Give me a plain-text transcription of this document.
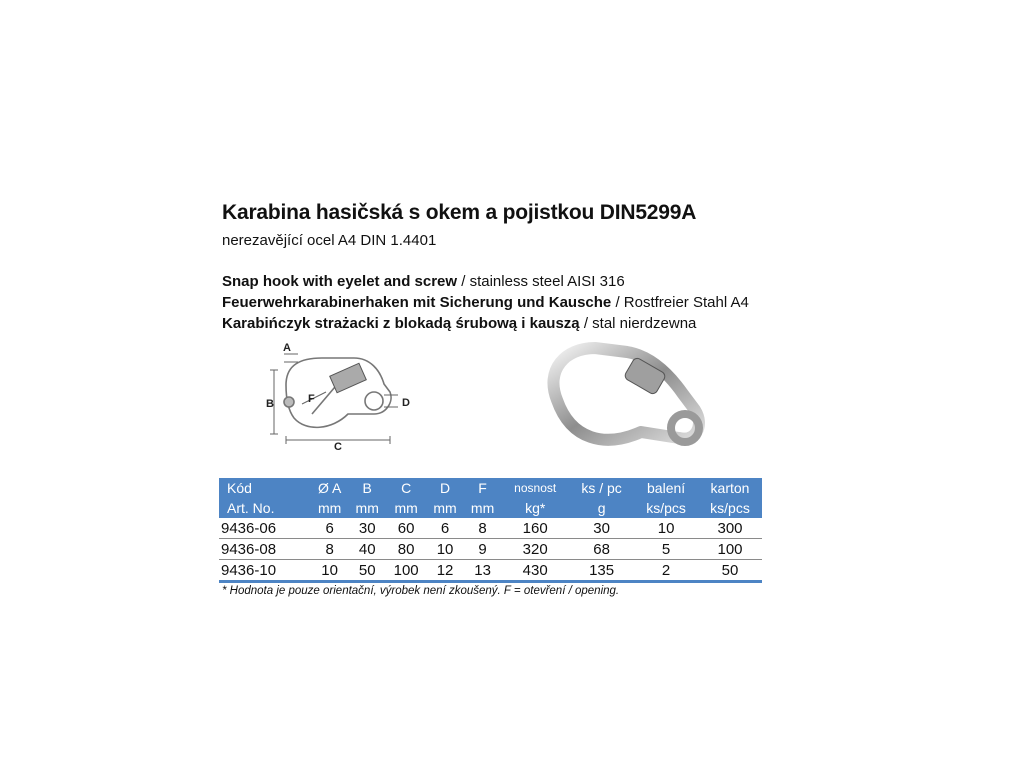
Karabina hasičská s okem a pojistkou DIN5299A
nerezavějící ocel A4 DIN 1.4401
Snap hook with eyelet and screw / stainless steel AISI 316
Feuerwehrkarabinerhaken mit Sicherung und Kausche / Rostfreier Stahl A4
Karabińczyk strażacki z blokadą śrubową i kauszą / stal nierdzewna
A
B
C
D
F
Kód	Ø A	B	C	D	F	nosnost	ks / pc	balení	karton
Art. No.	mm	mm	mm	mm	mm	kg*	g	ks/pcs	ks/pcs
9436-06	6	30	60	6	8	160	30	10	300
9436-08	8	40	80	10	9	320	68	5	100
9436-10	10	50	100	12	13	430	135	2	50
* Hodnota je pouze orientační, výrobek není zkoušený. F = otevření / opening.
